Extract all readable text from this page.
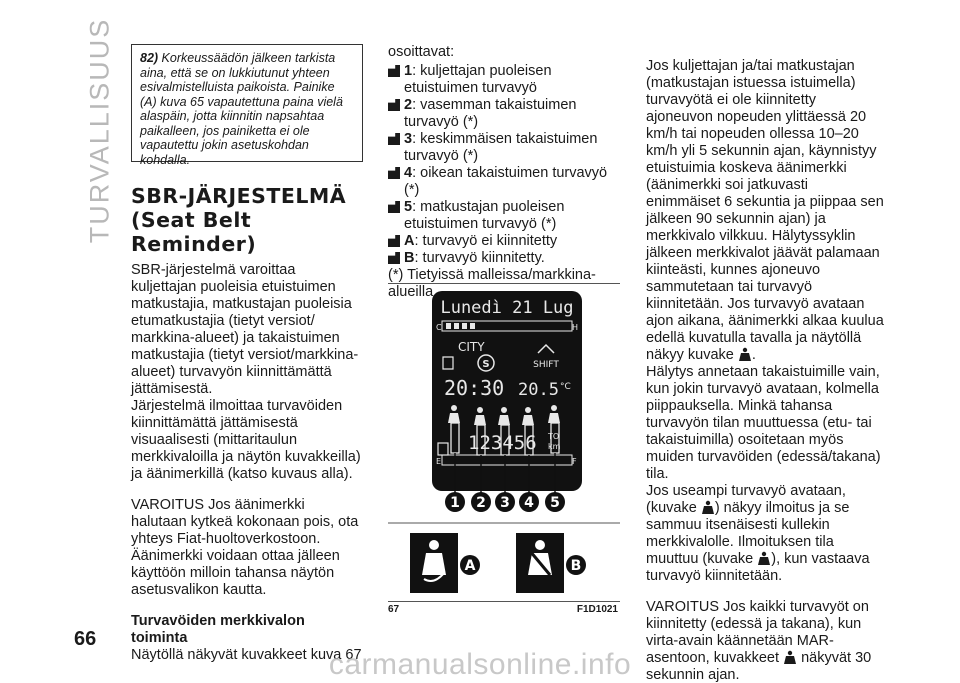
TURVALLISUUS	82) Korkeussäädön jälkeen tarkista aina, että se on lukkiutunut yhteen esivalmistelluista paikoista. Painike (A) kuva 65 vapautettuna paina vielä alaspäin, jotta kiinnitin napsahtaa paikalleen, jos painiketta ei ole vapautettu jokin asetuskohdan kohdalla.
SBR-JÄRJESTELMÄ (Seat Belt Reminder)

SBR-järjestelmä varoittaa kuljettajan puoleisia etuistuimen matkustajia, matkustajan puoleisia etumatkustajia (tietyt versiot/ markkina-alueet) ja takaistuimen matkustajia (tietyt versiot/markkina-alueet) turvavyön kiinnittämättä jättämisestä.

Järjestelmä ilmoittaa turvavöiden kiinnittämättä jättämisestä visuaalisesti (mittaritaulun merkkivaloilla ja näytön kuvakkeilla) ja äänimerkillä (katso kuvaus alla).

VAROITUS Jos äänimerkki halutaan kytkeä kokonaan pois, ota yhteys Fiat-huoltoverkostoon. Äänimerkki voidaan ottaa jälleen käyttöön milloin tahansa näytön asetusvalikon kautta.

Turvavöiden merkkivalon toiminta

Näytöllä näkyvät kuvakkeet kuva 67

osoittavat:

1: kuljettajan puoleisen etuistuimen turvavyö
2: vasemman takaistuimen turvavyö (*)
3: keskimmäisen takaistuimen turvavyö (*)
4: oikean takaistuimen turvavyö (*)
5: matkustajan puoleisen etuistuimen turvavyö (*)
A: turvavyö ei kiinnitetty
B: turvavyö kiinnitetty.

(*) Tietyissä malleissa/markkina-alueilla

Lunedì 21 Lug
C	H
CITY
S	SHIFT
20:30 20.5 °C
123456 TO
km
E	F
1 2 3 4 5
A	B
67	F1D1021

Jos kuljettajan ja/tai matkustajan (matkustajan istuessa istuimella) turvavyötä ei ole kiinnitetty ajoneuvon nopeuden ylittäessä 20 km/h tai nopeuden ollessa 10–20 km/h yli 5 sekunnin ajan, käynnistyy etuistuimia koskeva äänimerkki (äänimerkki soi jatkuvasti enimmäiset 6 sekuntia ja piippaa sen jälkeen 90 sekunnin ajan) ja merkkivalo vilkkuu. Hälytyssyklin jälkeen merkkivalot jäävät palamaan kiinteästi, kunnes ajoneuvo sammutetaan tai turvavyö kiinnitetään. Jos turvavyö avataan ajon aikana, äänimerkki alkaa kuulua edellä kuvatulla tavalla ja näytöllä näkyy kuvake .

Hälytys annetaan takaistuimille vain, kun jokin turvavyö avataan, kolmella piippauksella. Minkä tahansa turvavyön tilan muuttuessa (etu- tai takaistuimilla) osoitetaan myös muiden turvavöiden (edessä/takana) tila.

Jos useampi turvavyö avataan, (kuvake ) näkyy ilmoitus ja se sammuu itsenäisesti kullekin merkkivalolle. Ilmoituksen tila muuttuu (kuvake ), kun vastaava turvavyö kiinnitetään.

VAROITUS Jos kaikki turvavyöt on kiinnitetty (edessä ja takana), kun virta-avain käännetään MAR-asentoon, kuvakkeet näkyvät 30 sekunnin ajan.

66
carmanualsonline.info
